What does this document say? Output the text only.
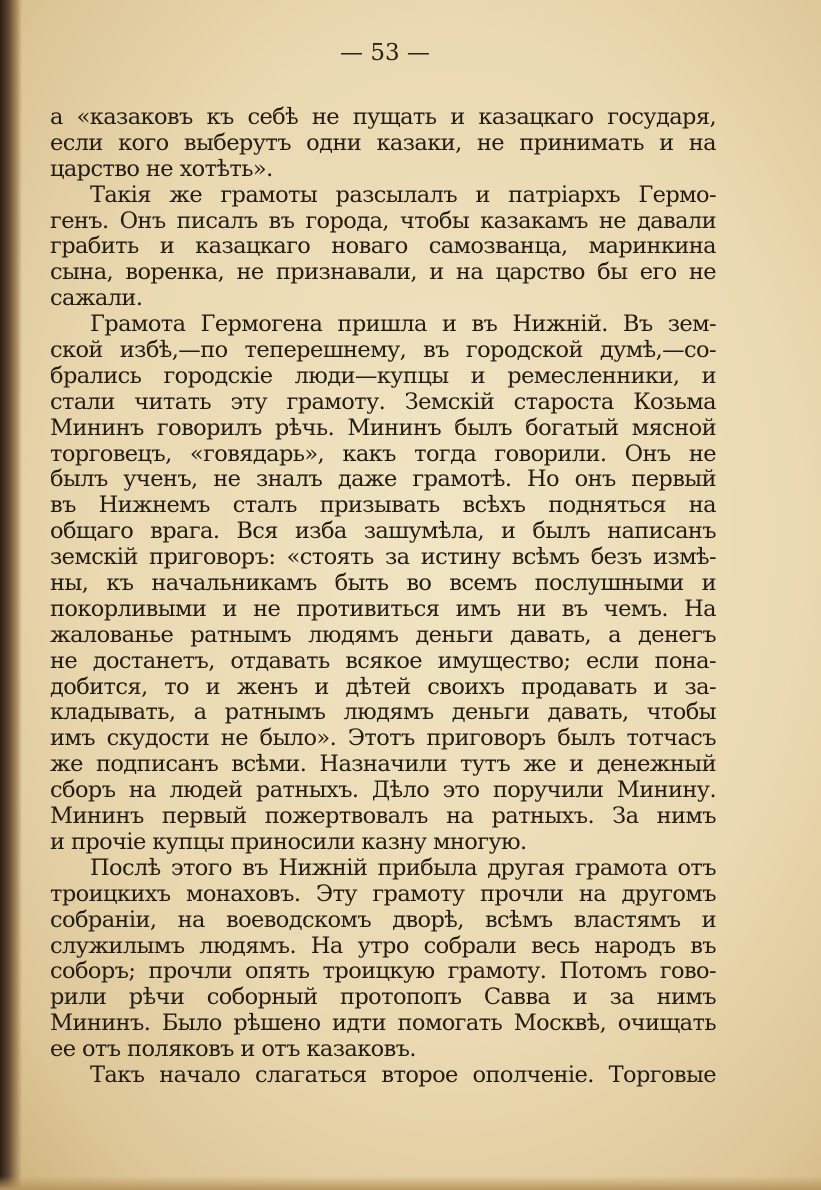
— 53 —
а «казаковъ къ себѣ не пущать и казацкаго государя,
если кого выберутъ одни казаки, не принимать и на
царство не хотѣть».
Такія же грамоты разсылалъ и патріархъ Гермо-
генъ. Онъ писалъ въ города, чтобы казакамъ не давали
грабить и казацкаго новаго самозванца, маринкина
сына, воренка, не признавали, и на царство бы его не
сажали.
Грамота Гермогена пришла и въ Нижній. Въ зем-
ской избѣ,—по теперешнему, въ городской думѣ,—со-
брались городскіе люди—купцы и ремесленники, и
стали читать эту грамоту. Земскій староста Козьма
Мининъ говорилъ рѣчь. Мининъ былъ богатый мясной
торговецъ, «говядарь», какъ тогда говорили. Онъ не
былъ ученъ, не зналъ даже грамотѣ. Но онъ первый
въ Нижнемъ сталъ призывать всѣхъ подняться на
общаго врага. Вся изба зашумѣла, и былъ написанъ
земскій приговоръ: «стоять за истину всѣмъ безъ измѣ-
ны, къ начальникамъ быть во всемъ послушными и
покорливыми и не противиться имъ ни въ чемъ. На
жалованье ратнымъ людямъ деньги давать, а денегъ
не достанетъ, отдавать всякое имущество; если пона-
добится, то и женъ и дѣтей своихъ продавать и за-
кладывать, а ратнымъ людямъ деньги давать, чтобы
имъ скудости не было». Этотъ приговоръ былъ тотчасъ
же подписанъ всѣми. Назначили тутъ же и денежный
сборъ на людей ратныхъ. Дѣло это поручили Минину.
Мининъ первый пожертвовалъ на ратныхъ. За нимъ
и прочіе купцы приносили казну многую.
Послѣ этого въ Нижній прибыла другая грамота отъ
троицкихъ монаховъ. Эту грамоту прочли на другомъ
собраніи, на воеводскомъ дворѣ, всѣмъ властямъ и
служилымъ людямъ. На утро собрали весь народъ въ
соборъ; прочли опять троицкую грамоту. Потомъ гово-
рили рѣчи соборный протопопъ Савва и за нимъ
Мининъ. Было рѣшено идти помогать Москвѣ, очищать
ее отъ поляковъ и отъ казаковъ.
Такъ начало слагаться второе ополченіе. Торговые
